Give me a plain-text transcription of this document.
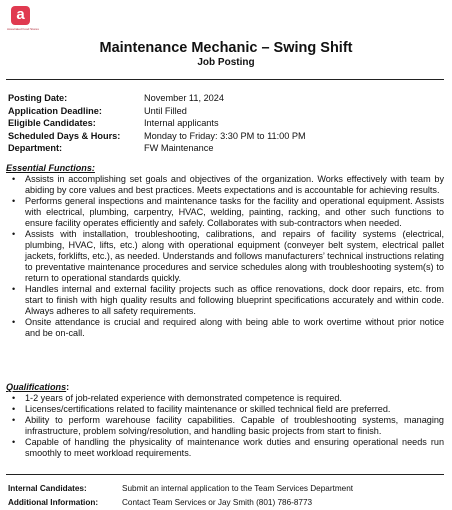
a
Associated Food Stores
Maintenance Mechanic – Swing Shift
Job Posting
Posting Date:	November 11, 2024
Application Deadline:	Until Filled
Eligible Candidates:	Internal applicants
Scheduled Days & Hours:	Monday to Friday: 3:30 PM to 11:00 PM
Department:	FW Maintenance
Essential Functions:
• Assists in accomplishing set goals and objectives of the organization. Works effectively with team by abiding by core values and best practices. Meets expectations and is accountable for achieving results.
• Performs general inspections and maintenance tasks for the facility and operational equipment. Assists with electrical, plumbing, carpentry, HVAC, welding, painting, racking, and other such functions to ensure facility operates efficiently and safely. Collaborates with sub-contractors when needed.
• Assists with installation, troubleshooting, calibrations, and repairs of facility systems (electrical, plumbing, HVAC, lifts, etc.) along with operational equipment (conveyer belt system, electrical pallet jackets, forklifts, etc.), as needed. Understands and follows manufacturers’ technical instructions relating to preventative maintenance procedures and service schedules along with troubleshooting system(s) to return to operational standards quickly.
• Handles internal and external facility projects such as office renovations, dock door repairs, etc. from start to finish with high quality results and following blueprint specifications accurately and within code. Always adheres to all safety requirements.
• Onsite attendance is crucial and required along with being able to work overtime without prior notice and be on-call.
Qualifications:
• 1-2 years of job-related experience with demonstrated competence is required.
• Licenses/certifications related to facility maintenance or skilled technical field are preferred.
• Ability to perform warehouse facility capabilities. Capable of troubleshooting systems, managing infrastructure, problem solving/resolution, and handling basic projects from start to finish.
• Capable of handling the physicality of maintenance work duties and ensuring operational needs run smoothly to meet workload requirements.
Internal Candidates:	Submit an internal application to the Team Services Department
Additional Information:	Contact Team Services or Jay Smith (801) 786-8773
